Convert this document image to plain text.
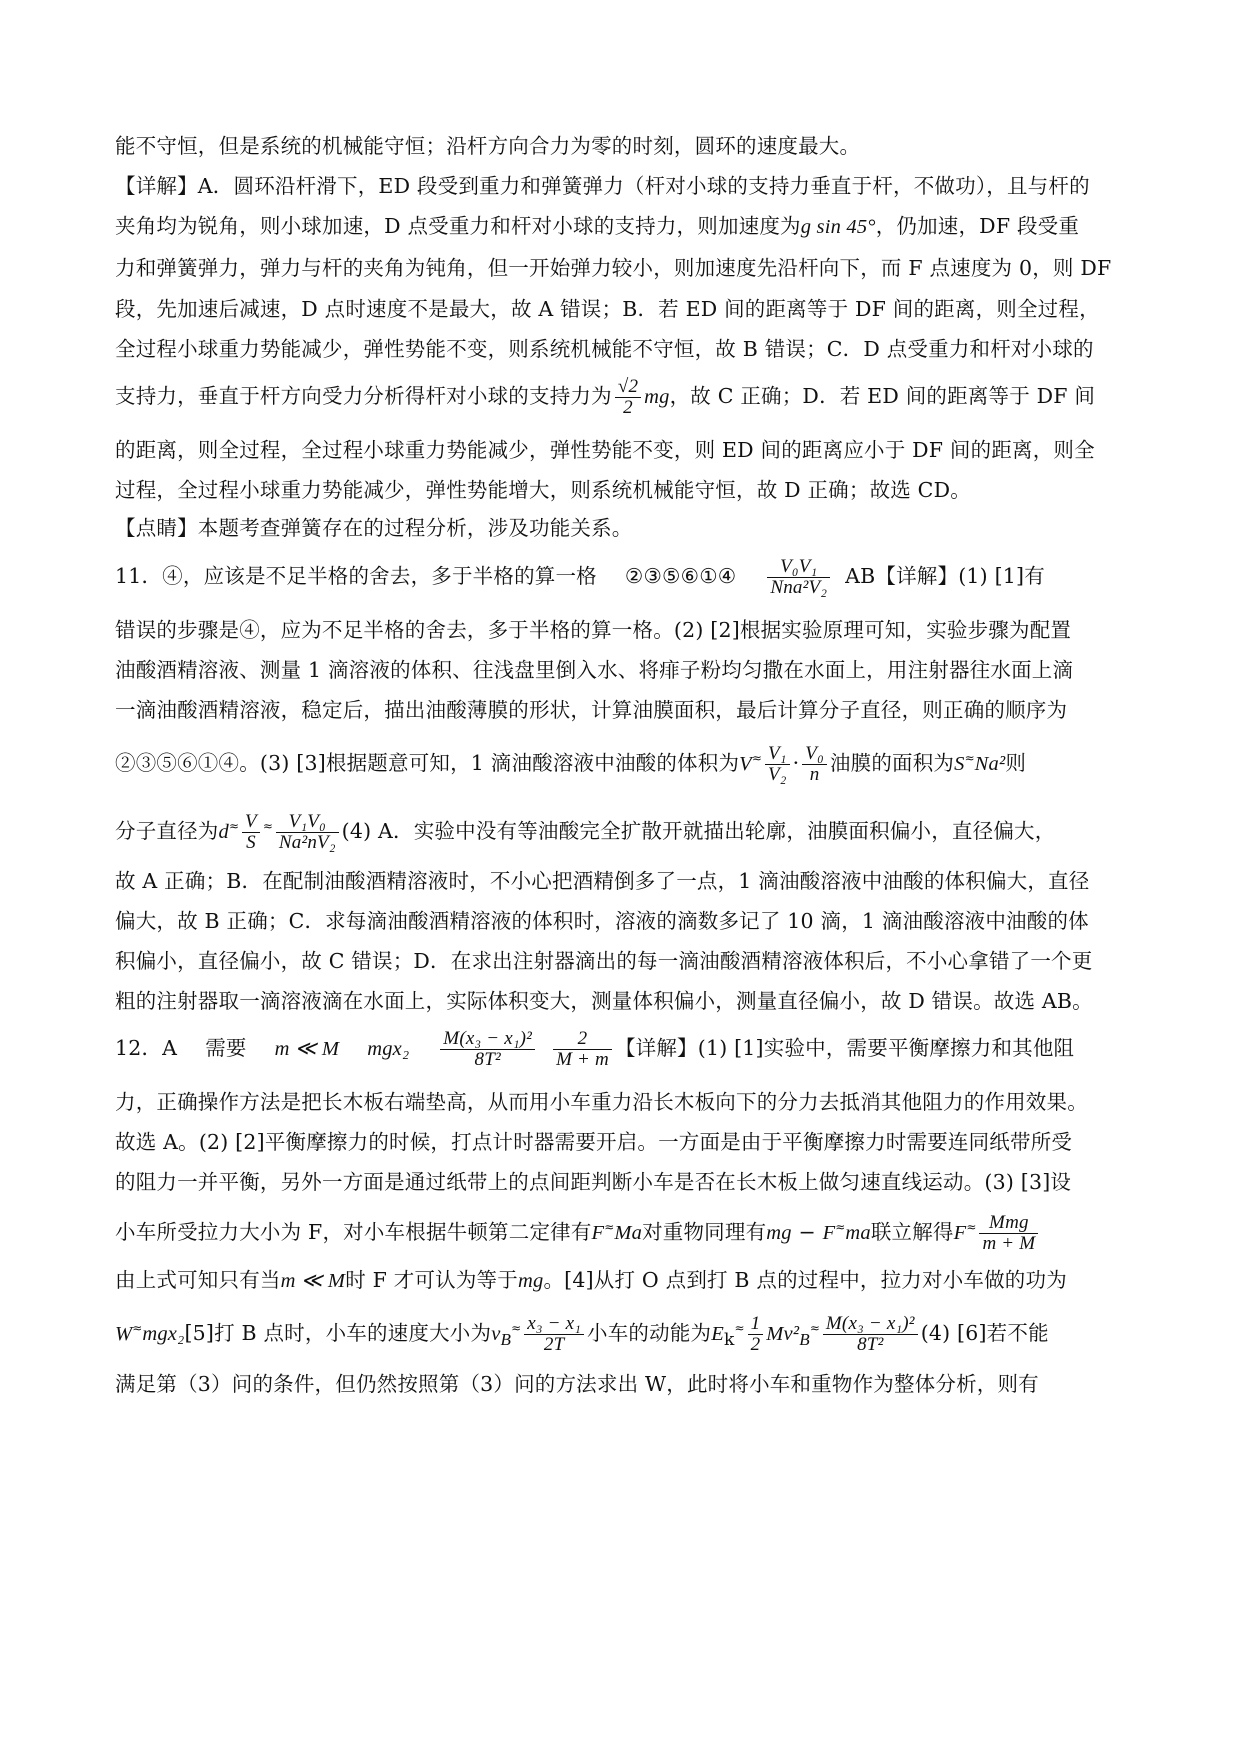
能不守恒，但是系统的机械能守恒；沿杆方向合力为零的时刻，圆环的速度最大。
【详解】A．圆环沿杆滑下，ED 段受到重力和弹簧弹力（杆对小球的支持力垂直于杆，不做功），且与杆的
夹角均为锐角，则小球加速，D 点受重力和杆对小球的支持力，则加速度为g sin 45°，仍加速，DF 段受重
力和弹簧弹力，弹力与杆的夹角为钝角，但一开始弹力较小，则加速度先沿杆向下，而 F 点速度为 0，则 DF
段，先加速后减速，D 点时速度不是最大，故 A 错误；B．若 ED 间的距离等于 DF 间的距离，则全过程，
全过程小球重力势能减少，弹性势能不变，则系统机械能不守恒，故 B 错误；C．D 点受重力和杆对小球的
支持力，垂直于杆方向受力分析得杆对小球的支持力为 $\frac{√2}{2}$ mg，故 C 正确；D．若 ED 间的距离等于 DF 间
的距离，则全过程，全过程小球重力势能减少，弹性势能不变，则 ED 间的距离应小于 DF 间的距离，则全
过程，全过程小球重力势能减少，弹性势能增大，则系统机械能守恒，故 D 正确；故选 CD。
【点睛】本题考查弹簧存在的过程分析，涉及功能关系。
11．④，应该是不足半格的舍去，多于半格的算一格 ②③⑤⑥①④ $\frac{\text{V₀V₁}}{\text{Nna²V₂}}$ AB【详解】(1) [1]有
错误的步骤是④，应为不足半格的舍去，多于半格的算一格。(2) [2]根据实验原理可知，实验步骤为配置
油酸酒精溶液、测量 1 滴溶液的体积、往浅盘里倒入水、将痱子粉均匀撒在水面上，用注射器往水面上滴
一滴油酸酒精溶液，稳定后，描出油酸薄膜的形状，计算油膜面积，最后计算分子直径，则正确的顺序为
②③⑤⑥①④。(3) [3]根据题意可知，1 滴油酸溶液中油酸的体积为$V^\approx \frac{\text{V₁}}{\text{V₂}} \cdot \frac{\text{V₀}}{n}$ 油膜的面积为S≈Na²则
分子直径为$d^\approx \frac{V}{S} ^\approx \frac{\text{V₁V₀}}{\text{Na²nV₂}} (4)$ A．实验中没有等油酸完全扩散开就描出轮廓，油膜面积偏小，直径偏大，
故 A 正确；B．在配制油酸酒精溶液时，不小心把酒精倒多了一点，1 滴油酸溶液中油酸的体积偏大，直径
偏大，故 B 正确；C．求每滴油酸酒精溶液的体积时，溶液的滴数多记了 10 滴，1 滴油酸溶液中油酸的体
积偏小，直径偏小，故 C 错误；D．在求出注射器滴出的每一滴油酸酒精溶液体积后，不小心拿错了一个更
粗的注射器取一滴溶液滴在水面上，实际体积变大，测量体积偏小，测量直径偏小，故 D 错误。故选 AB。
12．A 需要 m ≪ M $mgx_2 \frac{\text{M(x₃ − x₁)²}}{\text{8T²}} \frac{2}{M + m}$ 【详解】(1) [1]实验中，需要平衡摩擦力和其他阻
力，正确操作方法是把长木板右端垫高，从而用小车重力沿长木板向下的分力去抵消其他阻力的作用效果。
故选 A。(2) [2]平衡摩擦力的时候，打点计时器需要开启。一方面是由于平衡摩擦力时需要连同纸带所受
的阻力一并平衡，另外一方面是通过纸带上的点间距判断小车是否在长木板上做匀速直线运动。(3) [3]设
小车所受拉力大小为 F，对小车根据牛顿第二定律有F≈Ma对重物同理有mg − F≈ma联立解得$F^\approx \frac{\text{Mmg}}{m + M}$
由上式可知只有当m ≪ M时 F 才可认为等于mg。[4]从打 O 点到打 B 点的过程中，拉力对小车做的功为
W≈mgx₂[5]打 B 点时，小车的速度大小为$v_B^\approx \frac{\text{x₃ − x₁}}{2T}$ 小车的动能为$E_k^\approx \frac{1}{2} Mv^2_B^\approx \frac{\text{M(x₃ − x₁)²}}{\text{8T²}} (4)$ [6]若不能
满足第（3）问的条件，但仍然按照第（3）问的方法求出 W，此时将小车和重物作为整体分析，则有
